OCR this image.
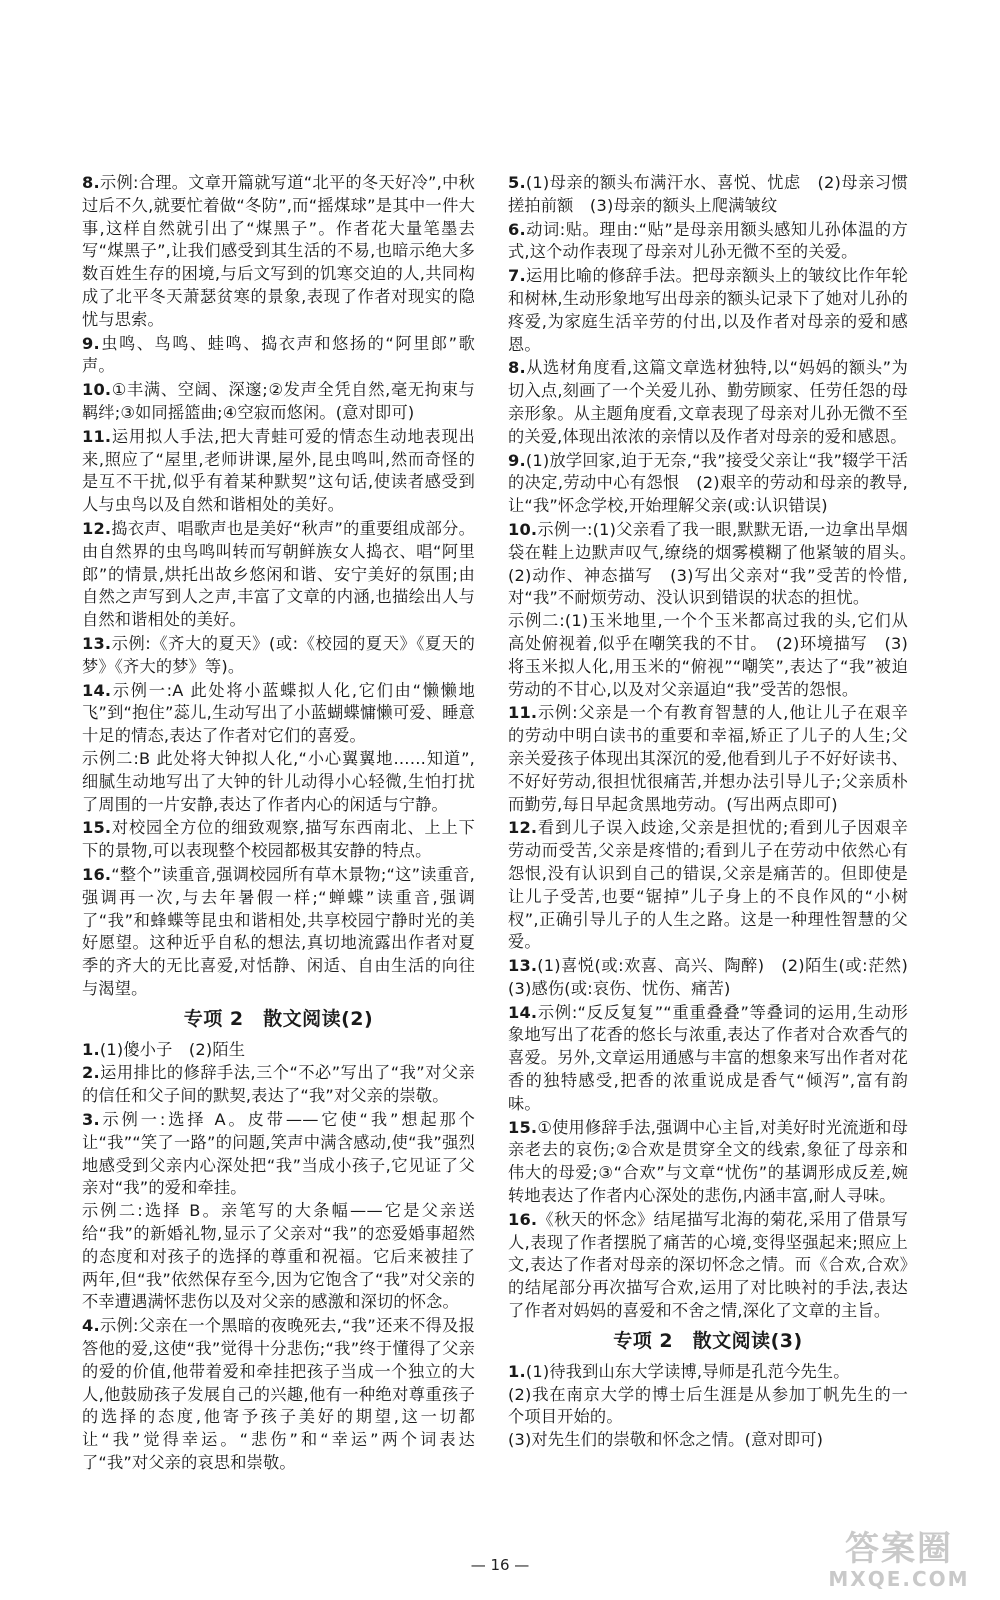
8.示例:合理。文章开篇就写道“北平的冬天好冷”,中秋过后不久,就要忙着做“冬防”,而“摇煤球”是其中一件大事,这样自然就引出了“煤黑子”。作者花大量笔墨去写“煤黑子”,让我们感受到其生活的不易,也暗示绝大多数百姓生存的困境,与后文写到的饥寒交迫的人,共同构成了北平冬天萧瑟贫寒的景象,表现了作者对现实的隐忧与思索。
9.虫鸣、鸟鸣、蛙鸣、捣衣声和悠扬的“阿里郎”歌声。
10.①丰满、空阔、深邃;②发声全凭自然,毫无拘束与羁绊;③如同摇篮曲;④空寂而悠闲。(意对即可)
11.运用拟人手法,把大青蛙可爱的情态生动地表现出来,照应了“屋里,老师讲课,屋外,昆虫鸣叫,然而奇怪的是互不干扰,似乎有着某种默契”这句话,使读者感受到人与虫鸟以及自然和谐相处的美好。
12.捣衣声、唱歌声也是美好“秋声”的重要组成部分。由自然界的虫鸟鸣叫转而写朝鲜族女人捣衣、唱“阿里郎”的情景,烘托出故乡悠闲和谐、安宁美好的氛围;由自然之声写到人之声,丰富了文章的内涵,也描绘出人与自然和谐相处的美好。
13.示例:《齐大的夏天》(或:《校园的夏天》《夏天的梦》《齐大的梦》等)。
14.示例一:A 此处将小蓝蝶拟人化,它们由“懒懒地飞”到“抱住”蕊儿,生动写出了小蓝蝴蝶慵懒可爱、睡意十足的情态,表达了作者对它们的喜爱。
示例二:B 此处将大钟拟人化,“小心翼翼地……知道”,细腻生动地写出了大钟的针儿动得小心轻微,生怕打扰了周围的一片安静,表达了作者内心的闲适与宁静。
15.对校园全方位的细致观察,描写东西南北、上上下下的景物,可以表现整个校园都极其安静的特点。
16.“整个”读重音,强调校园所有草木景物;“这”读重音,强调再一次,与去年暑假一样;“蝉蝶”读重音,强调了“我”和蜂蝶等昆虫和谐相处,共享校园宁静时光的美好愿望。这种近乎自私的想法,真切地流露出作者对夏季的齐大的无比喜爱,对恬静、闲适、自由生活的向往与渴望。
专项 2　散文阅读(2)
1.(1)傻小子　(2)陌生
2.运用排比的修辞手法,三个“不必”写出了“我”对父亲的信任和父子间的默契,表达了“我”对父亲的崇敬。
3.示例一:选择 A。皮带——它使“我”想起那个让“我”“笑了一路”的问题,笑声中满含感动,使“我”强烈地感受到父亲内心深处把“我”当成小孩子,它见证了父亲对“我”的爱和牵挂。
示例二:选择 B。亲笔写的大条幅——它是父亲送给“我”的新婚礼物,显示了父亲对“我”的恋爱婚事超然的态度和对孩子的选择的尊重和祝福。它后来被挂了两年,但“我”依然保存至今,因为它饱含了“我”对父亲的不幸遭遇满怀悲伤以及对父亲的感激和深切的怀念。
4.示例:父亲在一个黑暗的夜晚死去,“我”还来不得及报答他的爱,这使“我”觉得十分悲伤;“我”终于懂得了父亲的爱的价值,他带着爱和牵挂把孩子当成一个独立的大人,他鼓励孩子发展自己的兴趣,他有一种绝对尊重孩子的选择的态度,他寄予孩子美好的期望,这一切都让“我”觉得幸运。“悲伤”和“幸运”两个词表达了“我”对父亲的哀思和崇敬。
5.(1)母亲的额头布满汗水、喜悦、忧虑　(2)母亲习惯搓拍前额　(3)母亲的额头上爬满皱纹
6.动词:贴。理由:“贴”是母亲用额头感知儿孙体温的方式,这个动作表现了母亲对儿孙无微不至的关爱。
7.运用比喻的修辞手法。把母亲额头上的皱纹比作年轮和树林,生动形象地写出母亲的额头记录下了她对儿孙的疼爱,为家庭生活辛劳的付出,以及作者对母亲的爱和感恩。
8.从选材角度看,这篇文章选材独特,以“妈妈的额头”为切入点,刻画了一个关爱儿孙、勤劳顾家、任劳任怨的母亲形象。从主题角度看,文章表现了母亲对儿孙无微不至的关爱,体现出浓浓的亲情以及作者对母亲的爱和感恩。
9.(1)放学回家,迫于无奈,“我”接受父亲让“我”辍学干活的决定,劳动中心有怨恨　(2)艰辛的劳动和母亲的教导,让“我”怀念学校,开始理解父亲(或:认识错误)
10.示例一:(1)父亲看了我一眼,默默无语,一边拿出旱烟袋在鞋上边默声叹气,缭绕的烟雾模糊了他紧皱的眉头。　(2)动作、神态描写　(3)写出父亲对“我”受苦的怜惜,对“我”不耐烦劳动、没认识到错误的状态的担忧。
示例二:(1)玉米地里,一个个玉米都高过我的头,它们从高处俯视着,似乎在嘲笑我的不甘。　(2)环境描写　(3)将玉米拟人化,用玉米的“俯视”“嘲笑”,表达了“我”被迫劳动的不甘心,以及对父亲逼迫“我”受苦的怨恨。
11.示例:父亲是一个有教育智慧的人,他让儿子在艰辛的劳动中明白读书的重要和幸福,矫正了儿子的人生;父亲关爱孩子体现出其深沉的爱,他看到儿子不好好读书、不好好劳动,很担忧很痛苦,并想办法引导儿子;父亲质朴而勤劳,每日早起贪黑地劳动。(写出两点即可)
12.看到儿子误入歧途,父亲是担忧的;看到儿子因艰辛劳动而受苦,父亲是疼惜的;看到儿子在劳动中依然心有怨恨,没有认识到自己的错误,父亲是痛苦的。但即使是让儿子受苦,也要“锯掉”儿子身上的不良作风的“小树杈”,正确引导儿子的人生之路。这是一种理性智慧的父爱。
13.(1)喜悦(或:欢喜、高兴、陶醉)　(2)陌生(或:茫然)　(3)感伤(或:哀伤、忧伤、痛苦)
14.示例:“反反复复”“重重叠叠”等叠词的运用,生动形象地写出了花香的悠长与浓重,表达了作者对合欢香气的喜爱。另外,文章运用通感与丰富的想象来写出作者对花香的独特感受,把香的浓重说成是香气“倾泻”,富有韵味。
15.①使用修辞手法,强调中心主旨,对美好时光流逝和母亲老去的哀伤;②合欢是贯穿全文的线索,象征了母亲和伟大的母爱;③“合欢”与文章“忧伤”的基调形成反差,婉转地表达了作者内心深处的悲伤,内涵丰富,耐人寻味。
16.《秋天的怀念》结尾描写北海的菊花,采用了借景写人,表现了作者摆脱了痛苦的心境,变得坚强起来;照应上文,表达了作者对母亲的深切怀念之情。而《合欢,合欢》的结尾部分再次描写合欢,运用了对比映衬的手法,表达了作者对妈妈的喜爱和不舍之情,深化了文章的主旨。
专项 2　散文阅读(3)
1.(1)待我到山东大学读博,导师是孔范今先生。
(2)我在南京大学的博士后生涯是从参加丁帆先生的一个项目开始的。
(3)对先生们的崇敬和怀念之情。(意对即可)
— 16 —	答案圈
MXQE.COM
